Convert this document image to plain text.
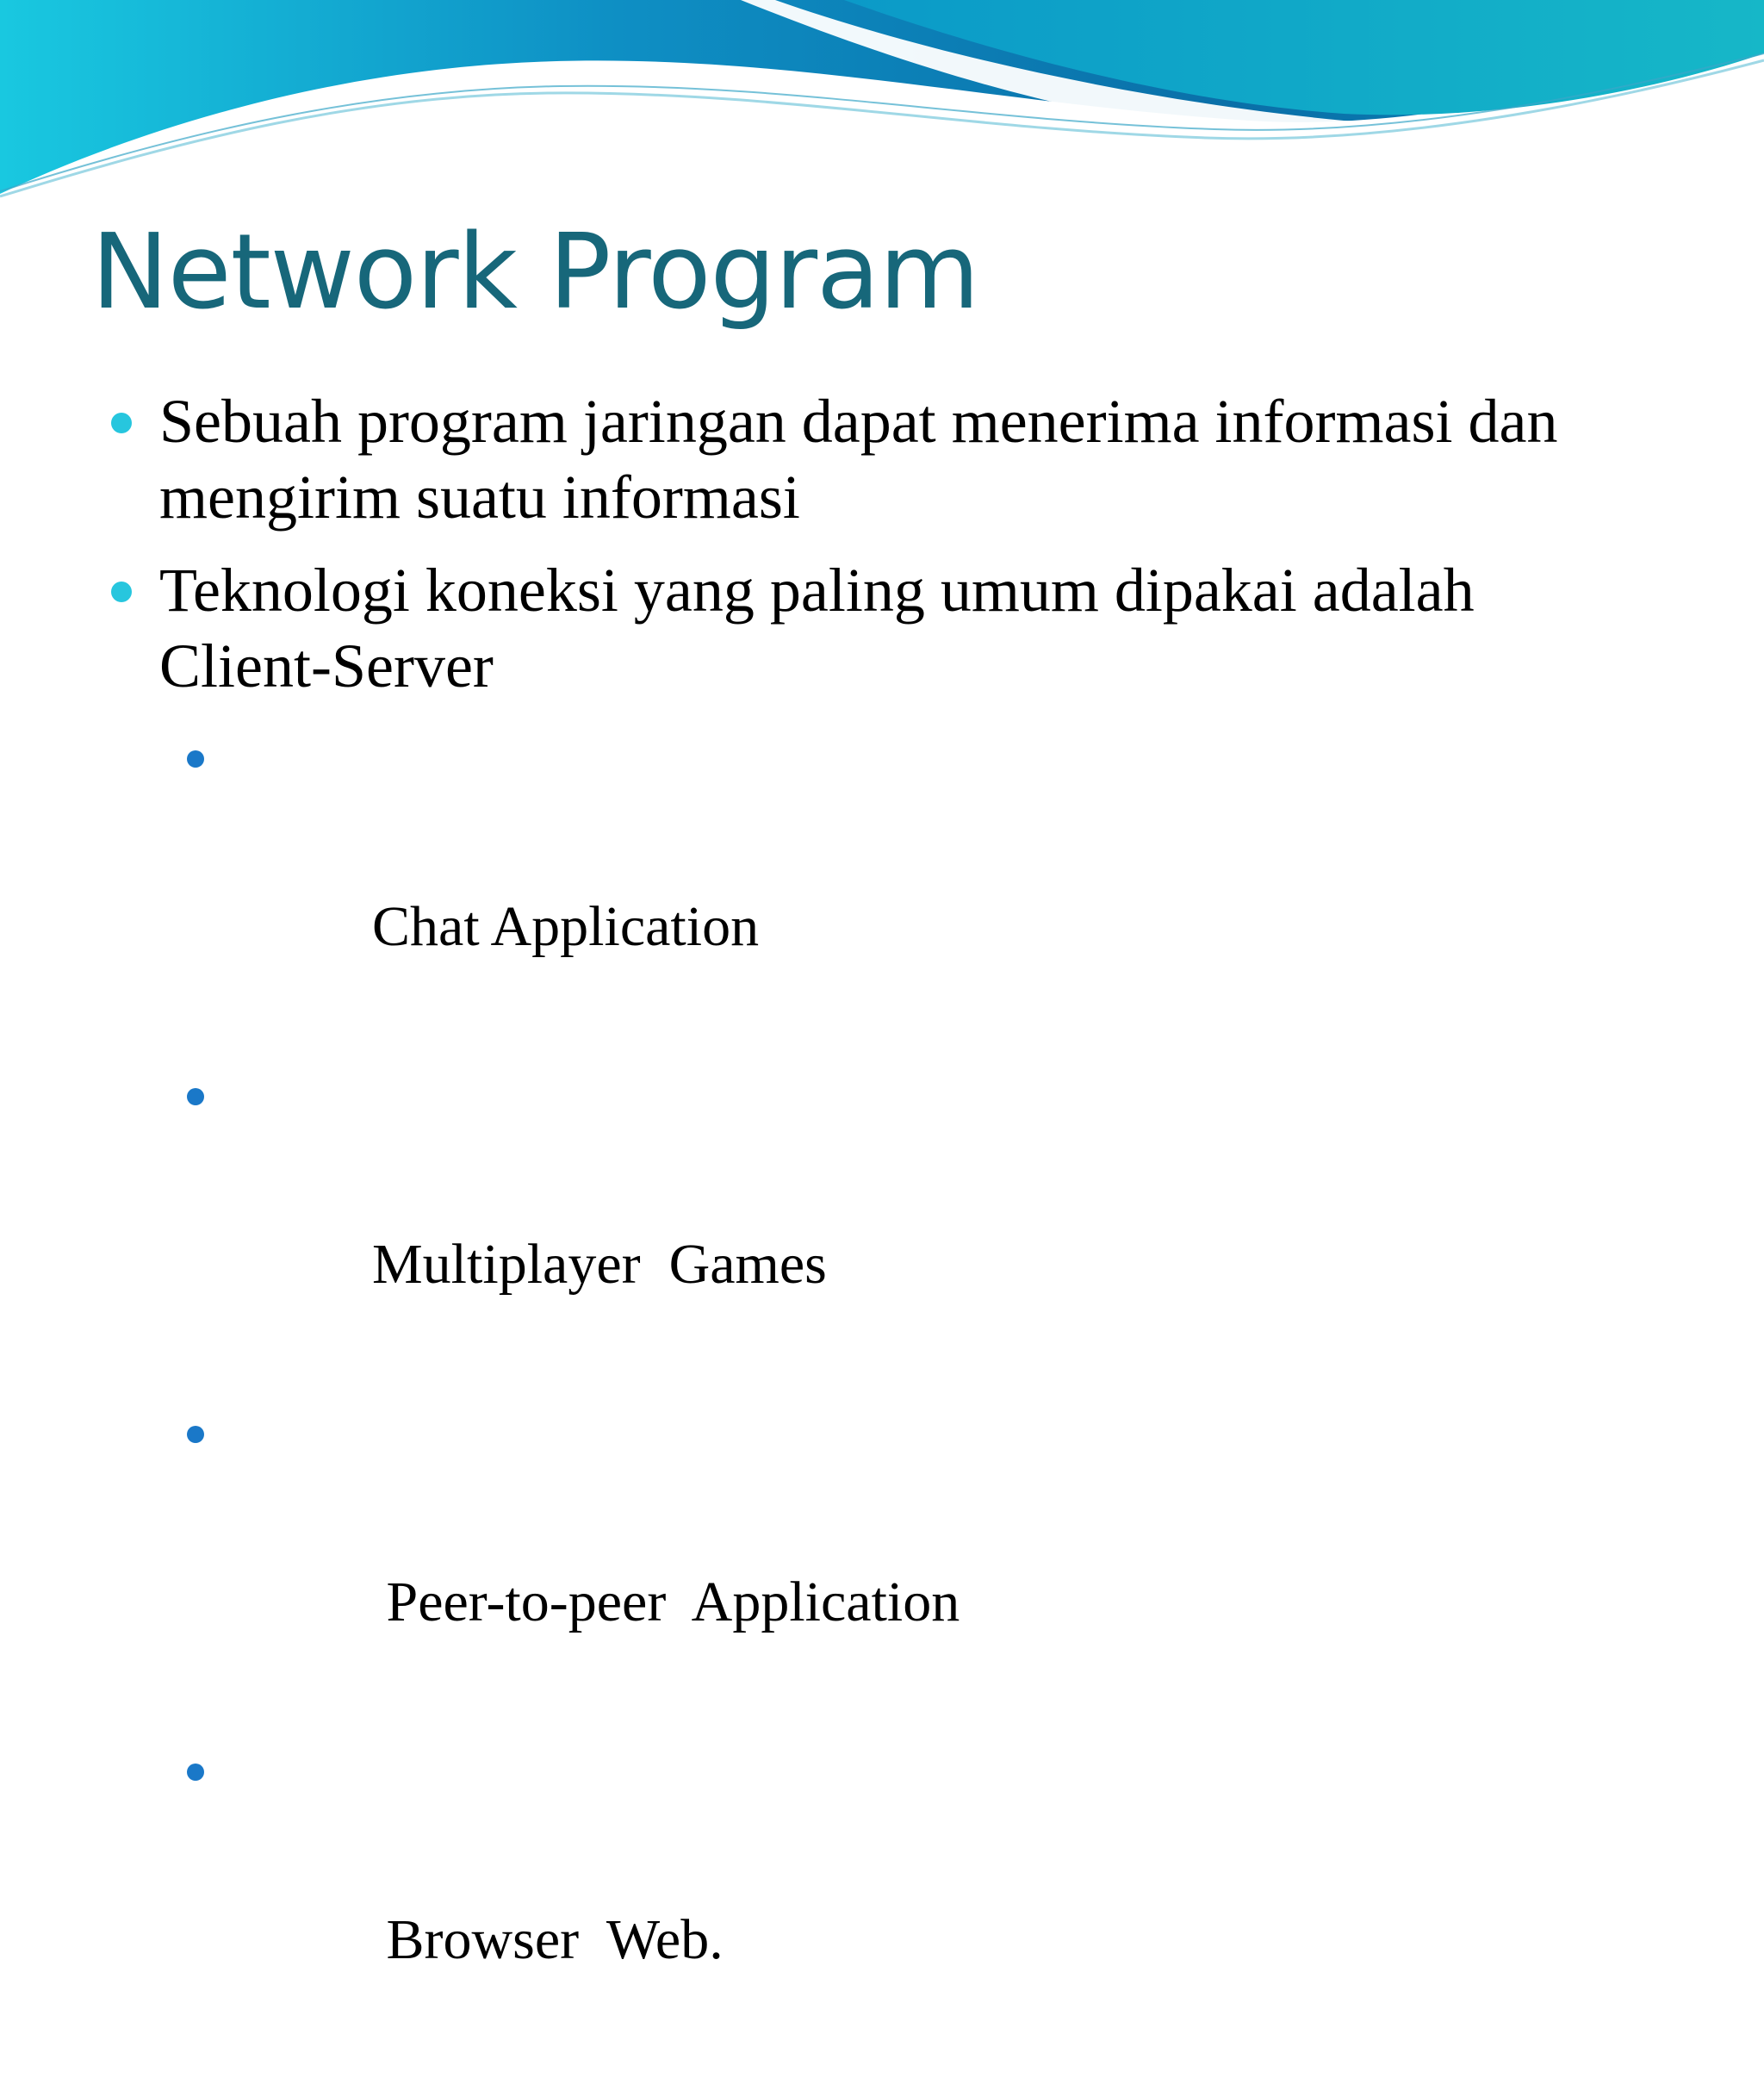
Network Program
Sebuah program jaringan dapat menerima informasi dan mengirim suatu informasi
Teknologi koneksi yang paling umum dipakai adalah Client-Server

Chat Application

Multiplayer  Games

Peer-to-peer  Application

Browser  Web.
